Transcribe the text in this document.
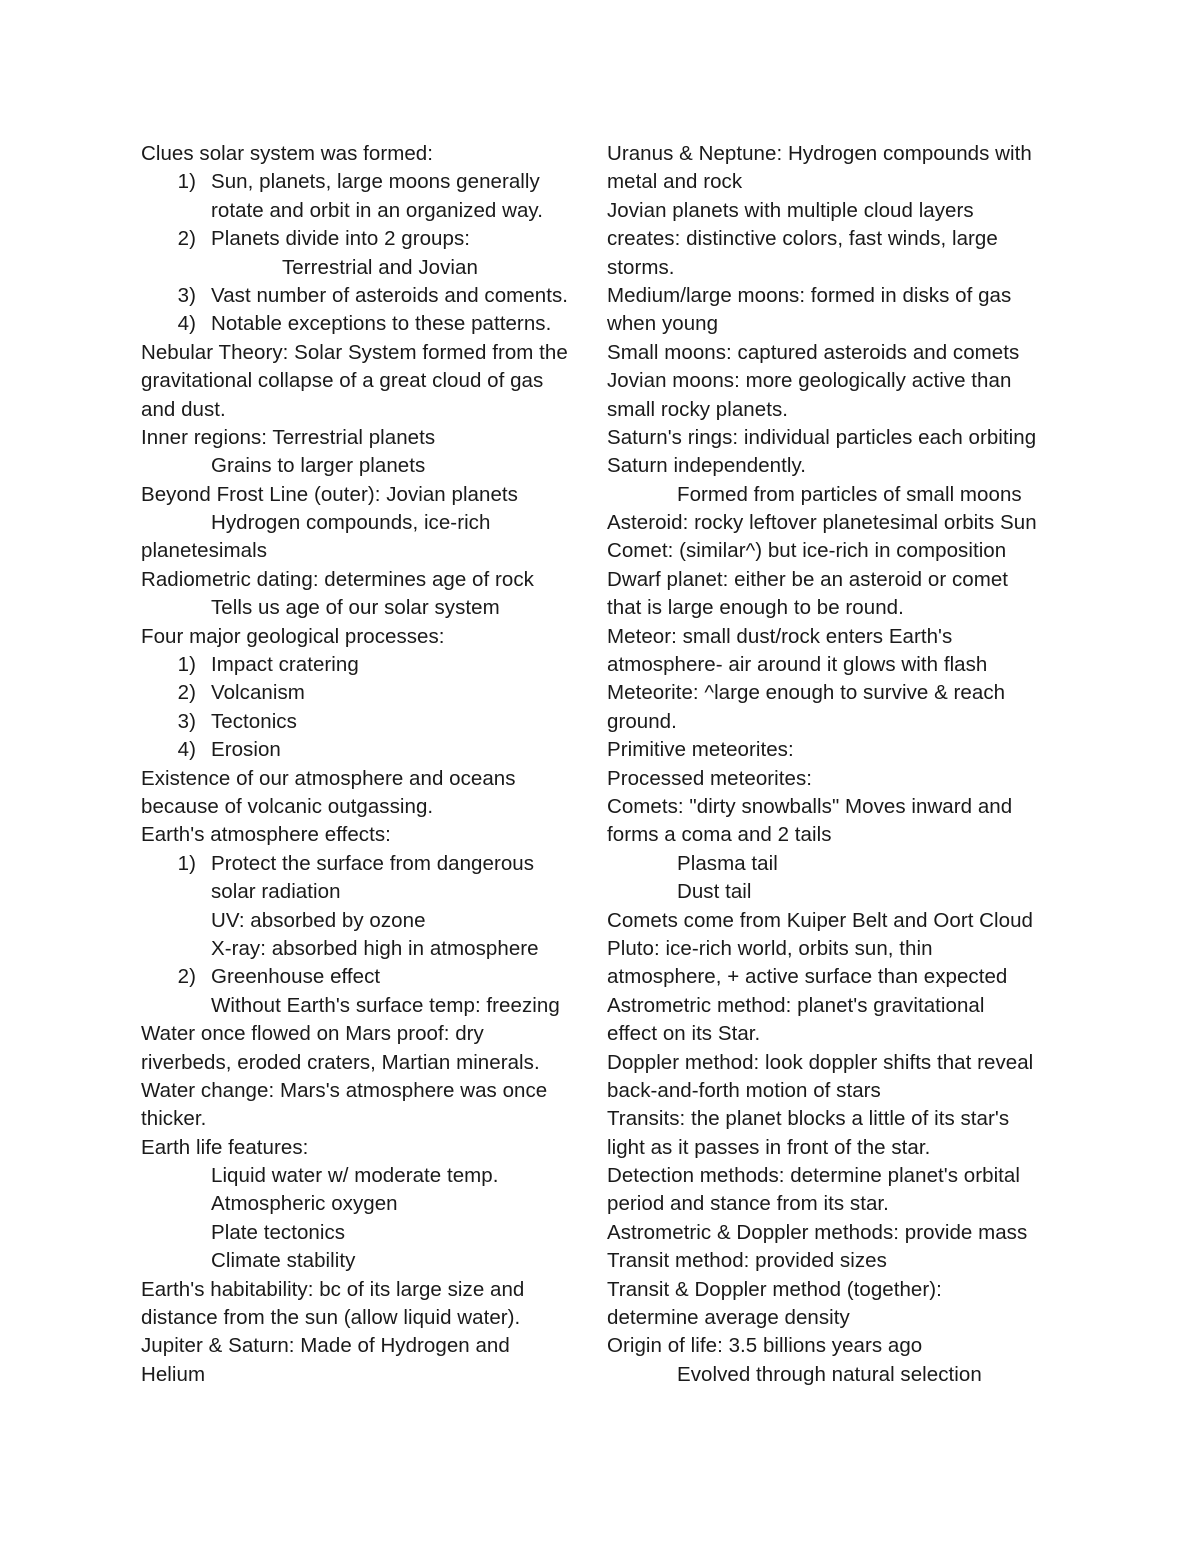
Clues solar system was formed:
1) Sun, planets, large moons generally
rotate and orbit in an organized way.
2) Planets divide into 2 groups:
Terrestrial and Jovian
3) Vast number of asteroids and coments.
4) Notable exceptions to these patterns.
Nebular Theory: Solar System formed from the
gravitational collapse of a great cloud of gas
and dust.
Inner regions: Terrestrial planets
Grains to larger planets
Beyond Frost Line (outer): Jovian planets
Hydrogen compounds, ice-rich
planetesimals
Radiometric dating: determines age of rock
Tells us age of our solar system
Four major geological processes:
1) Impact cratering
2) Volcanism
3) Tectonics
4) Erosion
Existence of our atmosphere and oceans
because of volcanic outgassing.
Earth's atmosphere effects:
1) Protect the surface from dangerous
solar radiation
UV: absorbed by ozone
X-ray: absorbed high in atmosphere
2) Greenhouse effect
Without Earth's surface temp: freezing
Water once flowed on Mars proof: dry
riverbeds, eroded craters, Martian minerals.
Water change: Mars's atmosphere was once
thicker.
Earth life features:
Liquid water w/ moderate temp.
Atmospheric oxygen
Plate tectonics
Climate stability
Earth's habitability: bc of its large size and
distance from the sun (allow liquid water).
Jupiter & Saturn: Made of Hydrogen and
Helium
Uranus & Neptune: Hydrogen compounds with
metal and rock
Jovian planets with multiple cloud layers
creates: distinctive colors, fast winds, large
storms.
Medium/large moons: formed in disks of gas
when young
Small moons: captured asteroids and comets
Jovian moons: more geologically active than
small rocky planets.
Saturn's rings: individual particles each orbiting
Saturn independently.
Formed from particles of small moons
Asteroid: rocky leftover planetesimal orbits Sun
Comet: (similar^) but ice-rich in composition
Dwarf planet: either be an asteroid or comet
that is large enough to be round.
Meteor: small dust/rock enters Earth's
atmosphere- air around it glows with flash
Meteorite: ^large enough to survive & reach
ground.
Primitive meteorites:
Processed meteorites:
Comets: "dirty snowballs" Moves inward and
forms a coma and 2 tails
Plasma tail
Dust tail
Comets come from Kuiper Belt and Oort Cloud
Pluto: ice-rich world, orbits sun, thin
atmosphere, + active surface than expected
Astrometric method: planet's gravitational
effect on its Star.
Doppler method: look doppler shifts that reveal
back-and-forth motion of stars
Transits: the planet blocks a little of its star's
light as it passes in front of the star.
Detection methods: determine planet's orbital
period and stance from its star.
Astrometric & Doppler methods: provide mass
Transit method: provided sizes
Transit & Doppler method (together):
determine average density
Origin of life: 3.5 billions years ago
Evolved through natural selection
